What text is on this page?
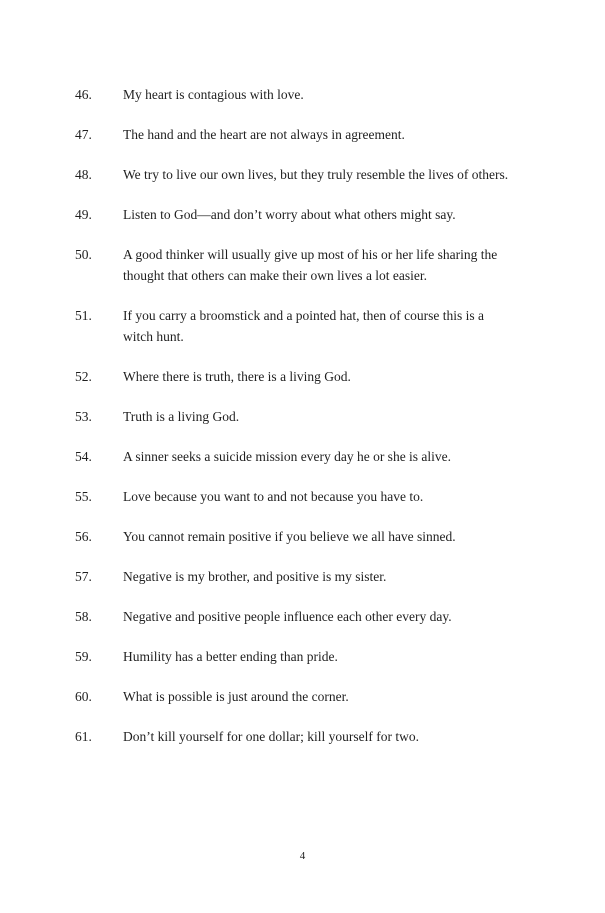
46.	My heart is contagious with love.
47.	The hand and the heart are not always in agreement.
48.	We try to live our own lives, but they truly resemble the lives of others.
49.	Listen to God—and don’t worry about what others might say.
50.	A good thinker will usually give up most of his or her life sharing the thought that others can make their own lives a lot easier.
51.	If you carry a broomstick and a pointed hat, then of course this is a witch hunt.
52.	Where there is truth, there is a living God.
53.	Truth is a living God.
54.	A sinner seeks a suicide mission every day he or she is alive.
55.	Love because you want to and not because you have to.
56.	You cannot remain positive if you believe we all have sinned.
57.	Negative is my brother, and positive is my sister.
58.	Negative and positive people influence each other every day.
59.	Humility has a better ending than pride.
60.	What is possible is just around the corner.
61.	Don’t kill yourself for one dollar; kill yourself for two.
4
